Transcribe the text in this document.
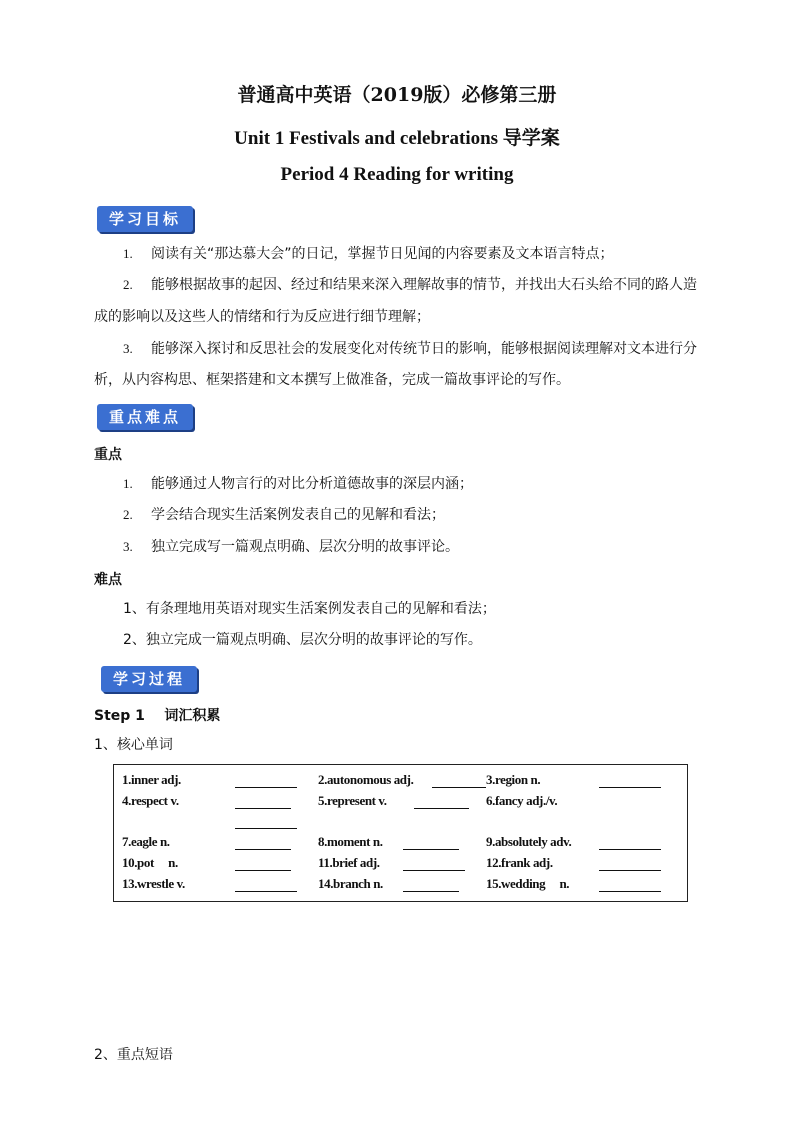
普通高中英语（2019版）必修第三册
Unit 1 Festivals and celebrations 导学案
Period 4 Reading for writing
学习目标
1. 阅读有关“那达慕大会”的日记，掌握节日见闻的内容要素及文本语言特点；
2. 能够根据故事的起因、经过和结果来深入理解故事的情节，并找出大石头给不同的路人造
成的影响以及这些人的情绪和行为反应进行细节理解；
3. 能够深入探讨和反思社会的发展变化对传统节日的影响，能够根据阅读理解对文本进行分
析，从内容构思、框架搭建和文本撰写上做准备，完成一篇故事评论的写作。
重点难点
重点
1. 能够通过人物言行的对比分析道德故事的深层内涵；
2. 学会结合现实生活案例发表自己的见解和看法；
3. 独立完成写一篇观点明确、层次分明的故事评论。
难点
1、有条理地用英语对现实生活案例发表自己的见解和看法；
2、独立完成一篇观点明确、层次分明的故事评论的写作。
学习过程
Step 1    词汇积累
1、核心单词
1.inner adj.	2.autonomous adj.	3.region n.
4.respect v.	5.represent v.	6.fancy adj./v.
7.eagle n.	8.moment n.	9.absolutely adv.
10.pot     n.	11.brief adj.	12.frank adj.
13.wrestle v.	14.branch n.	15.wedding     n.
2、重点短语
